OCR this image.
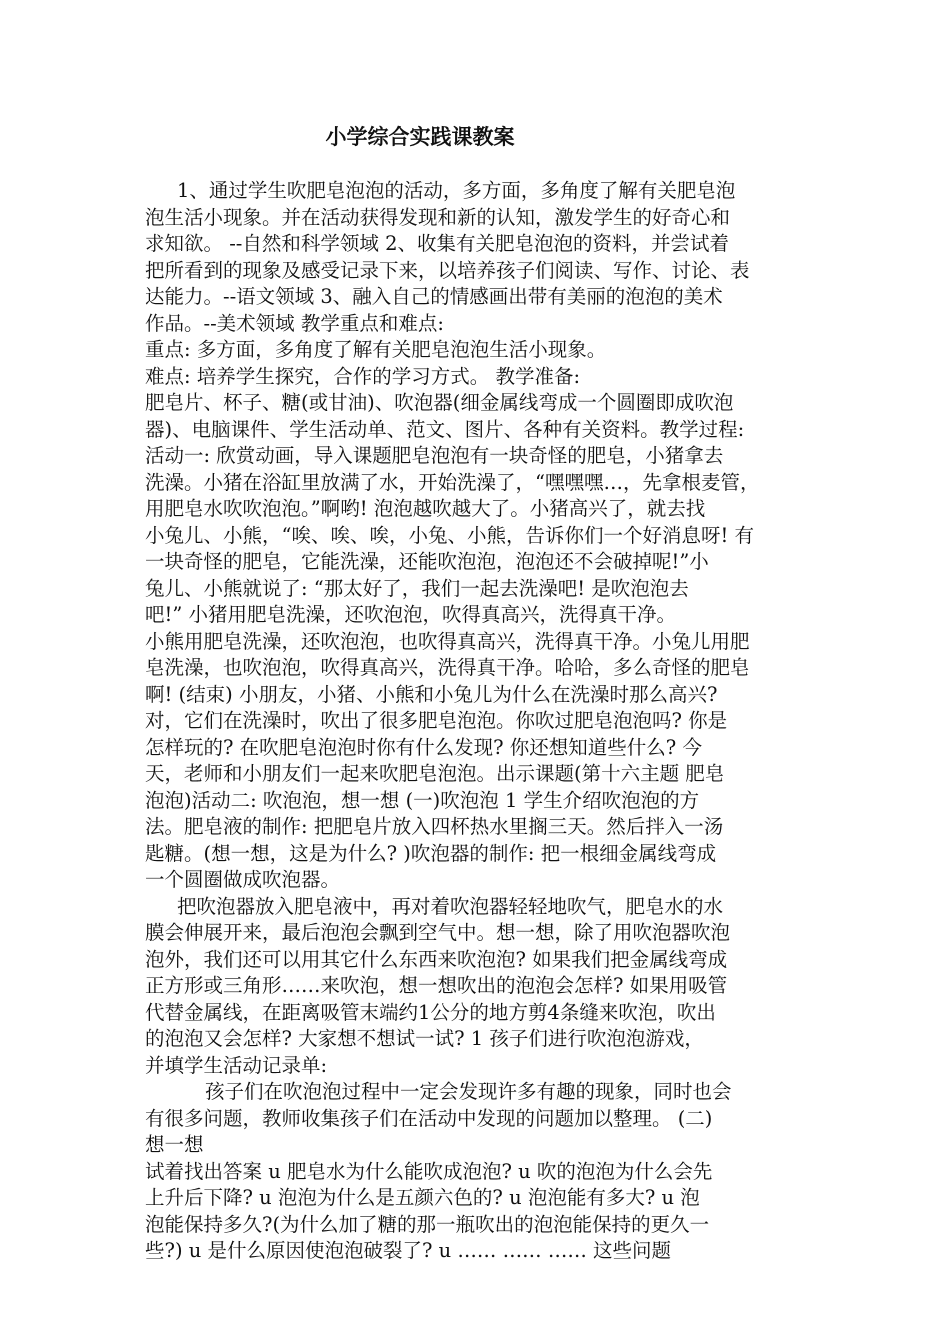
小学综合实践课教案
1、通过学生吹肥皂泡泡的活动，多方面，多角度了解有关肥皂泡
泡生活小现象。并在活动获得发现和新的认知，激发学生的好奇心和
求知欲。 --自然和科学领域 2、收集有关肥皂泡泡的资料，并尝试着
把所看到的现象及感受记录下来，以培养孩子们阅读、写作、讨论、表
达能力。--语文领域 3、融入自己的情感画出带有美丽的泡泡的美术
作品。--美术领域 教学重点和难点:
重点: 多方面，多角度了解有关肥皂泡泡生活小现象。
难点: 培养学生探究，合作的学习方式。 教学准备:
肥皂片、杯子、糖(或甘油)、吹泡器(细金属线弯成一个圆圈即成吹泡
器)、电脑课件、学生活动单、范文、图片、各种有关资料。教学过程:
活动一: 欣赏动画，导入课题肥皂泡泡有一块奇怪的肥皂，小猪拿去
洗澡。小猪在浴缸里放满了水，开始洗澡了，“嘿嘿嘿…，先拿根麦管，
用肥皂水吹吹泡泡。”啊哟! 泡泡越吹越大了。小猪高兴了，就去找
小兔儿、小熊，“唉、唉、唉，小兔、小熊，告诉你们一个好消息呀! 有
一块奇怪的肥皂，它能洗澡，还能吹泡泡，泡泡还不会破掉呢!”小
兔儿、小熊就说了: “那太好了，我们一起去洗澡吧! 是吹泡泡去
吧!” 小猪用肥皂洗澡，还吹泡泡，吹得真高兴，洗得真干净。
小熊用肥皂洗澡，还吹泡泡，也吹得真高兴，洗得真干净。小兔儿用肥
皂洗澡，也吹泡泡，吹得真高兴，洗得真干净。哈哈，多么奇怪的肥皂
啊! (结束) 小朋友，小猪、小熊和小兔儿为什么在洗澡时那么高兴?
对，它们在洗澡时，吹出了很多肥皂泡泡。你吹过肥皂泡泡吗? 你是
怎样玩的? 在吹肥皂泡泡时你有什么发现? 你还想知道些什么? 今
天，老师和小朋友们一起来吹肥皂泡泡。出示课题(第十六主题 肥皂
泡泡)活动二: 吹泡泡，想一想 (一)吹泡泡 1 学生介绍吹泡泡的方
法。肥皂液的制作: 把肥皂片放入四杯热水里搁三天。然后拌入一汤
匙糖。(想一想，这是为什么? )吹泡器的制作: 把一根细金属线弯成
一个圆圈做成吹泡器。
把吹泡器放入肥皂液中，再对着吹泡器轻轻地吹气，肥皂水的水
膜会伸展开来，最后泡泡会飘到空气中。想一想，除了用吹泡器吹泡
泡外，我们还可以用其它什么东西来吹泡泡? 如果我们把金属线弯成
正方形或三角形……来吹泡，想一想吹出的泡泡会怎样? 如果用吸管
代替金属线，在距离吸管末端约1公分的地方剪4条缝来吹泡，吹出
的泡泡又会怎样? 大家想不想试一试? 1 孩子们进行吹泡泡游戏，
并填学生活动记录单:
孩子们在吹泡泡过程中一定会发现许多有趣的现象，同时也会
有很多问题，教师收集孩子们在活动中发现的问题加以整理。 (二)
想一想
试着找出答案 u 肥皂水为什么能吹成泡泡? u 吹的泡泡为什么会先
上升后下降? u 泡泡为什么是五颜六色的? u 泡泡能有多大? u 泡
泡能保持多久?(为什么加了糖的那一瓶吹出的泡泡能保持的更久一
些?) u 是什么原因使泡泡破裂了? u …… …… …… 这些问题
